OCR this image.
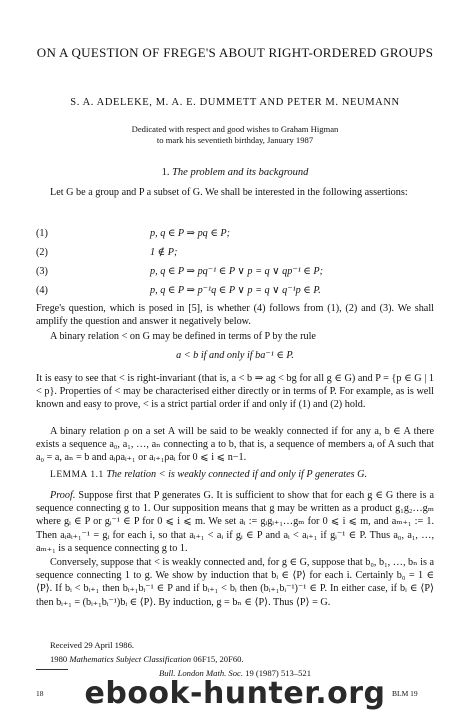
ON A QUESTION OF FREGE'S ABOUT RIGHT-ORDERED GROUPS
S. A. ADELEKE, M. A. E. DUMMETT AND PETER M. NEUMANN
Dedicated with respect and good wishes to Graham Higman
to mark his seventieth birthday, January 1987
1. The problem and its background
Let G be a group and P a subset of G. We shall be interested in the following assertions:
(1)	p, q ∈ P ⇒ pq ∈ P;
(2)	1 ∉ P;
(3)	p, q ∈ P ⇒ pq⁻¹ ∈ P ∨ p = q ∨ qp⁻¹ ∈ P;
(4)	p, q ∈ P ⇒ p⁻¹q ∈ P ∨ p = q ∨ q⁻¹p ∈ P.
Frege's question, which is posed in [5], is whether (4) follows from (1), (2) and (3). We shall amplify the question and answer it negatively below.
A binary relation < on G may be defined in terms of P by the rule
a < b if and only if ba⁻¹ ∈ P.
It is easy to see that < is right-invariant (that is, a < b ⇒ ag < bg for all g ∈ G) and P = {p ∈ G | 1 < p}. Properties of < may be characterised either directly or in terms of P. For example, as is well known and easy to prove, < is a strict partial order if and only if (1) and (2) hold.
A binary relation ρ on a set A will be said to be weakly connected if for any a, b ∈ A there exists a sequence a₀, a₁, …, aₙ connecting a to b, that is, a sequence of members aᵢ of A such that a₀ = a, aₙ = b and aᵢρaᵢ₊₁ or aᵢ₊₁ρaᵢ for 0 ⩽ i ⩽ n−1.
LEMMA 1.1 The relation < is weakly connected if and only if P generates G.
Proof. Suppose first that P generates G. It is sufficient to show that for each g ∈ G there is a sequence connecting g to 1. Our supposition means that g may be written as a product g₁g₂…gₘ where gᵢ ∈ P or gᵢ⁻¹ ∈ P for 0 ⩽ i ⩽ m. We set aᵢ := gᵢgᵢ₊₁…gₘ for 0 ⩽ i ⩽ m, and aₘ₊₁ := 1. Then aᵢaᵢ₊₁⁻¹ = gᵢ for each i, so that aᵢ₊₁ < aᵢ if gᵢ ∈ P and aᵢ < aᵢ₊₁ if gᵢ⁻¹ ∈ P. Thus a₀, a₁, …, aₘ₊₁ is a sequence connecting g to 1.
Conversely, suppose that < is weakly connected and, for g ∈ G, suppose that b₀, b₁, …, bₙ is a sequence connecting 1 to g. We show by induction that bᵢ ∈ ⟨P⟩ for each i. Certainly b₀ = 1 ∈ ⟨P⟩. If bᵢ < bᵢ₊₁ then bᵢ₊₁bᵢ⁻¹ ∈ P and if bᵢ₊₁ < bᵢ then (bᵢ₊₁bᵢ⁻¹)⁻¹ ∈ P. In either case, if bᵢ ∈ ⟨P⟩ then bᵢ₊₁ = (bᵢ₊₁bᵢ⁻¹)bᵢ ∈ ⟨P⟩. By induction, g = bₙ ∈ ⟨P⟩. Thus ⟨P⟩ = G.
Received 29 April 1986.
1980 Mathematics Subject Classification 06F15, 20F60.
Bull. London Math. Soc. 19 (1987) 513–521
18	BLM 19
ebook-hunter.org
